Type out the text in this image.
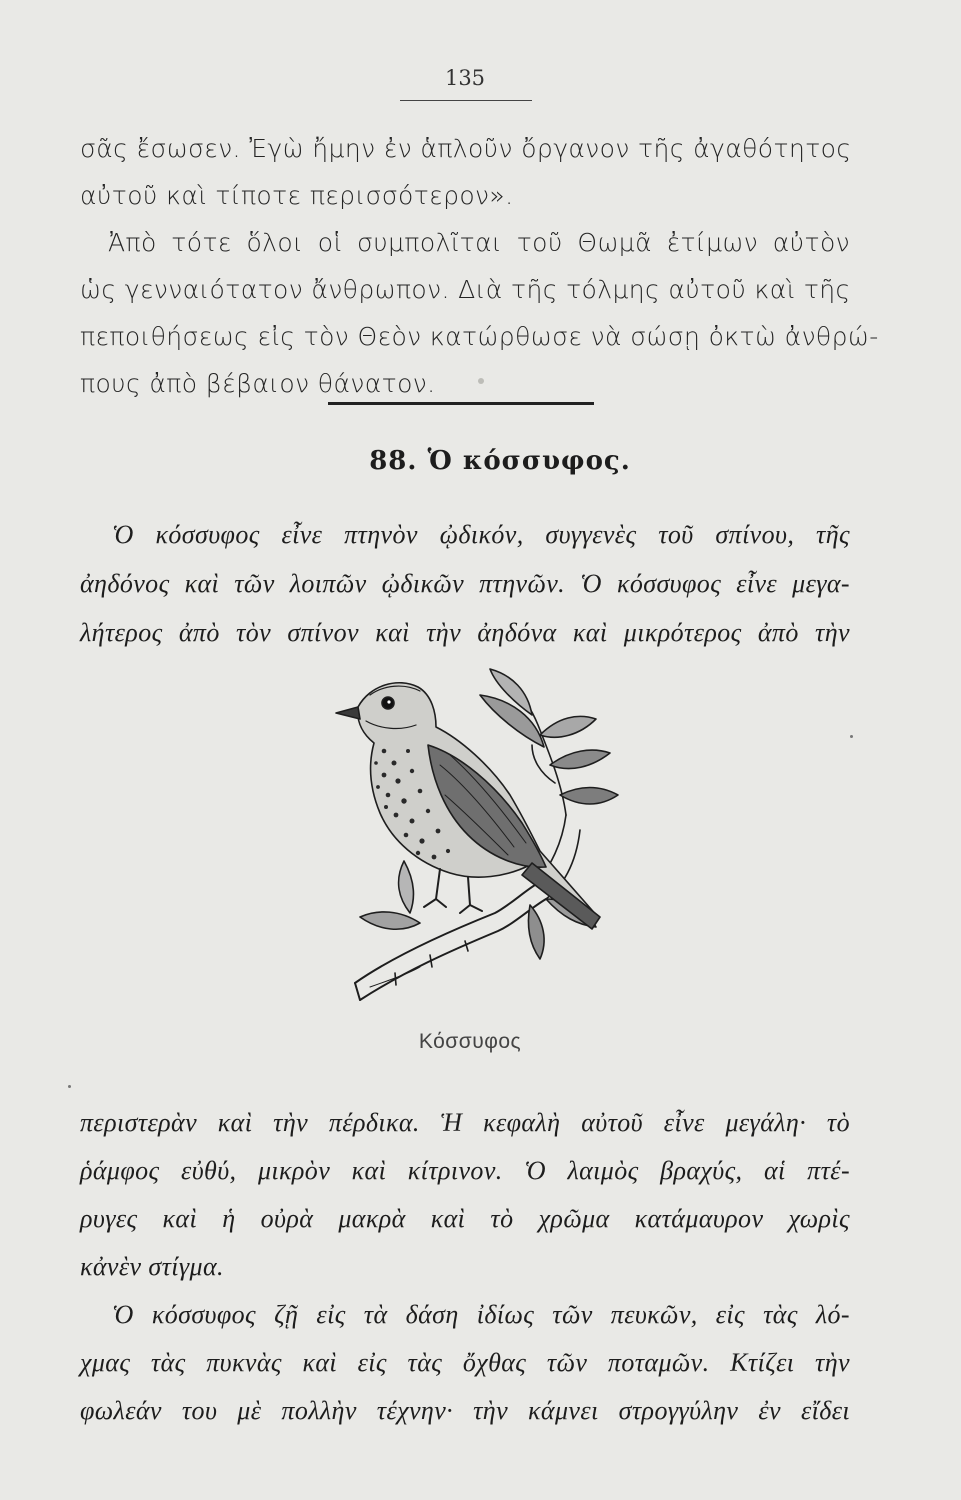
135
σᾶς ἔσωσεν. Ἐγὼ ἤμην ἐν ἁπλοῦν ὄργανον τῆς ἀγαθότητος
αὐτοῦ καὶ τίποτε περισσότερον».
Ἀπὸ τότε ὅλοι οἱ συμπολῖται τοῦ Θωμᾶ ἐτίμων αὐτὸν
ὡς γενναιότατον ἄνθρωπον. Διὰ τῆς τόλμης αὐτοῦ καὶ τῆς
πεποιθήσεως εἰς τὸν Θεὸν κατώρθωσε νὰ σώσῃ ὀκτὼ ἀνθρώ-
πους ἀπὸ βέβαιον θάνατον.
88. Ὁ κόσσυφος.
Ὁ κόσσυφος εἶνε πτηνὸν ᾠδικόν, συγγενὲς τοῦ σπίνου, τῆς
ἀηδόνος καὶ τῶν λοιπῶν ᾠδικῶν πτηνῶν. Ὁ κόσσυφος εἶνε μεγα-
λήτερος ἀπὸ τὸν σπίνον καὶ τὴν ἀηδόνα καὶ μικρότερος ἀπὸ τὴν
Κόσσυφος
περιστερὰν καὶ τὴν πέρδικα. Ἡ κεφαλὴ αὐτοῦ εἶνε μεγάλη· τὸ
ῥάμφος εὐθύ, μικρὸν καὶ κίτρινον. Ὁ λαιμὸς βραχύς, αἱ πτέ-
ρυγες καὶ ἡ οὐρὰ μακρὰ καὶ τὸ χρῶμα κατάμαυρον χωρὶς
κἀνὲν στίγμα.
Ὁ κόσσυφος ζῇ εἰς τὰ δάση ἰδίως τῶν πευκῶν, εἰς τὰς λό-
χμας τὰς πυκνὰς καὶ εἰς τὰς ὄχθας τῶν ποταμῶν. Κτίζει τὴν
φωλεάν του μὲ πολλὴν τέχνην· τὴν κάμνει στρογγύλην ἐν εἴδει
